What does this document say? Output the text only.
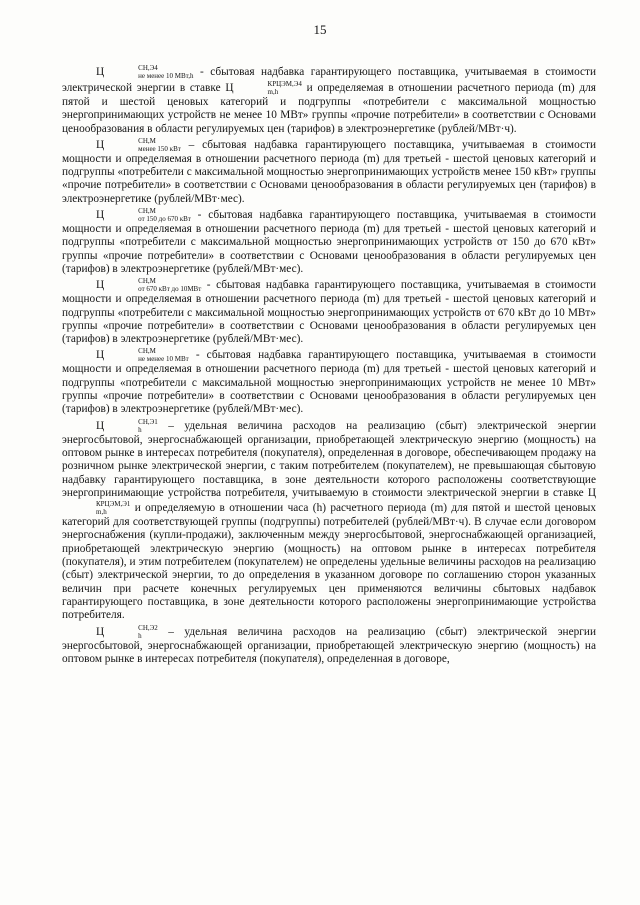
15

Ц	СН,Э4
не менее 10 МВт,h - сбытовая надбавка гарантирующего поставщика, учитываемая в стоимости электрической энергии в ставке Ц	КРЦЭМ,Э4
m,h	и определяемая в отношении расчетного периода (m) для пятой и шестой ценовых категорий и подгруппы «потребители с максимальной мощностью энергопринимающих устройств не менее 10 МВт» группы «прочие потребители» в соответствии с Основами ценообразования в области регулируемых цен (тарифов) в электроэнергетике (рублей/МВт·ч).

Ц	СН,М
менее 150 кВт – сбытовая надбавка гарантирующего поставщика, учитываемая в стоимости мощности и определяемая в отношении расчетного периода (m) для третьей - шестой ценовых категорий и подгруппы «потребители с максимальной мощностью энергопринимающих устройств менее 150 кВт» группы «прочие потребители» в соответствии с Основами ценообразования в области регулируемых цен (тарифов) в электроэнергетике (рублей/МВт·мес).

Ц	СН,М
от 150 до 670 кВт - сбытовая надбавка гарантирующего поставщика, учитываемая в стоимости мощности и определяемая в отношении расчетного периода (m) для третьей - шестой ценовых категорий и подгруппы «потребители с максимальной мощностью энергопринимающих устройств от 150 до 670 кВт» группы «прочие потребители» в соответствии с Основами ценообразования в области регулируемых цен (тарифов) в электроэнергетике (рублей/МВт·мес).

Ц	СН,М
от 670 кВт до 10МВт - сбытовая надбавка гарантирующего поставщика, учитываемая в стоимости мощности и определяемая в отношении расчетного периода (m) для третьей - шестой ценовых категорий и подгруппы «потребители с максимальной мощностью энергопринимающих устройств от 670 кВт до 10 МВт» группы «прочие потребители» в соответствии с Основами ценообразования в области регулируемых цен (тарифов) в электроэнергетике (рублей/МВт·мес).

Ц	СН,М
не менее 10 МВт - сбытовая надбавка гарантирующего поставщика, учитываемая в стоимости мощности и определяемая в отношении расчетного периода (m) для третьей - шестой ценовых категорий и подгруппы «потребители с максимальной мощностью энергопринимающих устройств не менее 10 МВт» группы «прочие потребители» в соответствии с Основами ценообразования в области регулируемых цен (тарифов) в электроэнергетике (рублей/МВт·мес).

Ц	СН,Э1
h	– удельная величина расходов на реализацию (сбыт) электрической энергии энергосбытовой, энергоснабжающей организации, приобретающей электрическую энергию (мощность) на оптовом рынке в интересах потребителя (покупателя), определенная в договоре, обеспечивающем продажу на розничном рынке электрической энергии, с таким потребителем (покупателем), не превышающая сбытовую надбавку гарантирующего поставщика, в зоне деятельности которого расположены соответствующие энергопринимающие устройства потребителя, учитываемую в стоимости электрической энергии в ставке Ц
КРЦЭМ,Э1
m,h	и определяемую в отношении часа (h) расчетного периода (m) для пятой и шестой ценовых категорий для соответствующей группы (подгруппы) потребителей (рублей/МВт·ч). В случае если договором энергоснабжения (купли-продажи), заключенным между энергосбытовой, энергоснабжающей организацией, приобретающей электрическую энергию (мощность) на оптовом рынке в интересах потребителя (покупателя), и этим потребителем (покупателем) не определены удельные величины расходов на реализацию (сбыт) электрической энергии, то до определения в указанном договоре по соглашению сторон указанных величин при расчете конечных регулируемых цен применяются величины сбытовых надбавок гарантирующего поставщика, в зоне деятельности которого расположены энергопринимающие устройства потребителя.

Ц	СН,Э2
h	– удельная величина расходов на реализацию (сбыт) электрической энергии энергосбытовой, энергоснабжающей организации, приобретающей электрическую энергию (мощность) на оптовом рынке в интересах потребителя (покупателя), определенная в договоре,
